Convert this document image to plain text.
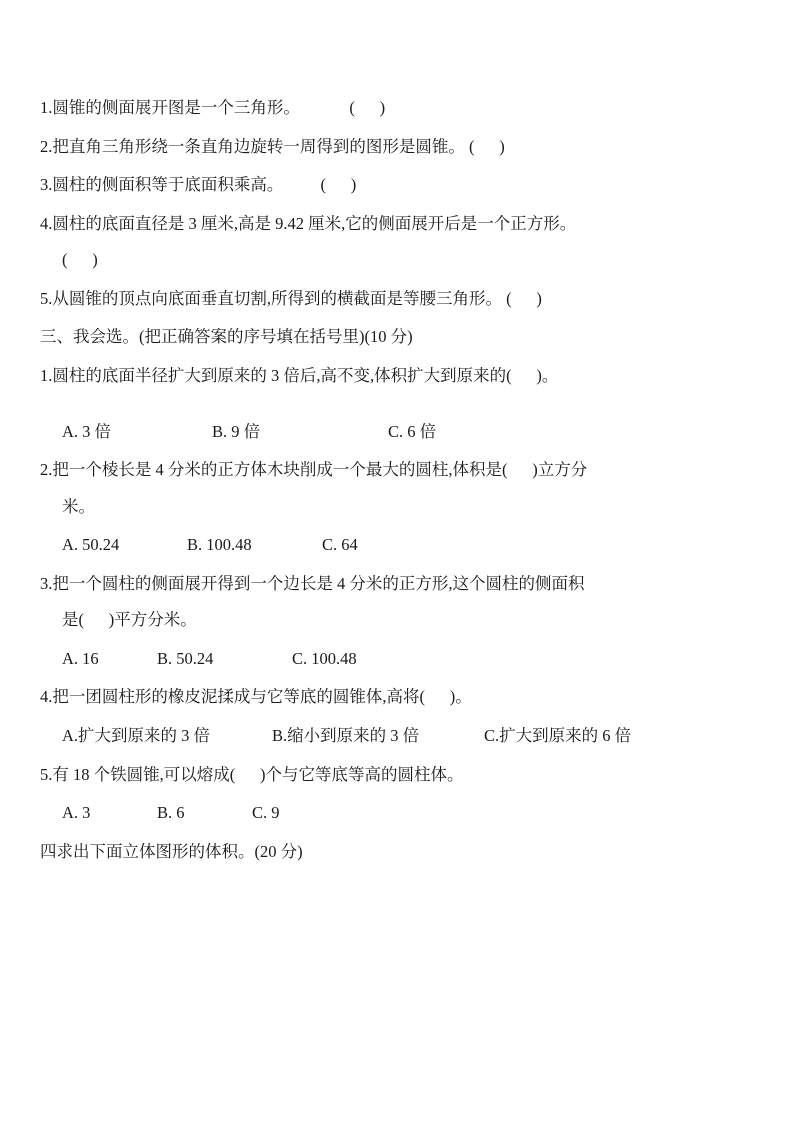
1.圆锥的侧面展开图是一个三角形。            (      )

2.把直角三角形绕一条直角边旋转一周得到的图形是圆锥。 (      )

3.圆柱的侧面积等于底面积乘高。         (      )

4.圆柱的底面直径是 3 厘米,高是 9.42 厘米,它的侧面展开后是一个正方形。

(      )

5.从圆锥的顶点向底面垂直切割,所得到的横截面是等腰三角形。 (      )

三、我会选。(把正确答案的序号填在括号里)(10 分)

1.圆柱的底面半径扩大到原来的 3 倍后,高不变,体积扩大到原来的(      )。

A. 3 倍	B. 9 倍	C. 6 倍

2.把一个棱长是 4 分米的正方体木块削成一个最大的圆柱,体积是(      )立方分

米。

A. 50.24	B. 100.48	C. 64

3.把一个圆柱的侧面展开得到一个边长是 4 分米的正方形,这个圆柱的侧面积

是(      )平方分米。

A. 16	B. 50.24	C. 100.48

4.把一团圆柱形的橡皮泥揉成与它等底的圆锥体,高将(      )。

A.扩大到原来的 3 倍	B.缩小到原来的 3 倍	C.扩大到原来的 6 倍

5.有 18 个铁圆锥,可以熔成(      )个与它等底等高的圆柱体。

A. 3	B. 6	C. 9

四求出下面立体图形的体积。(20 分)
